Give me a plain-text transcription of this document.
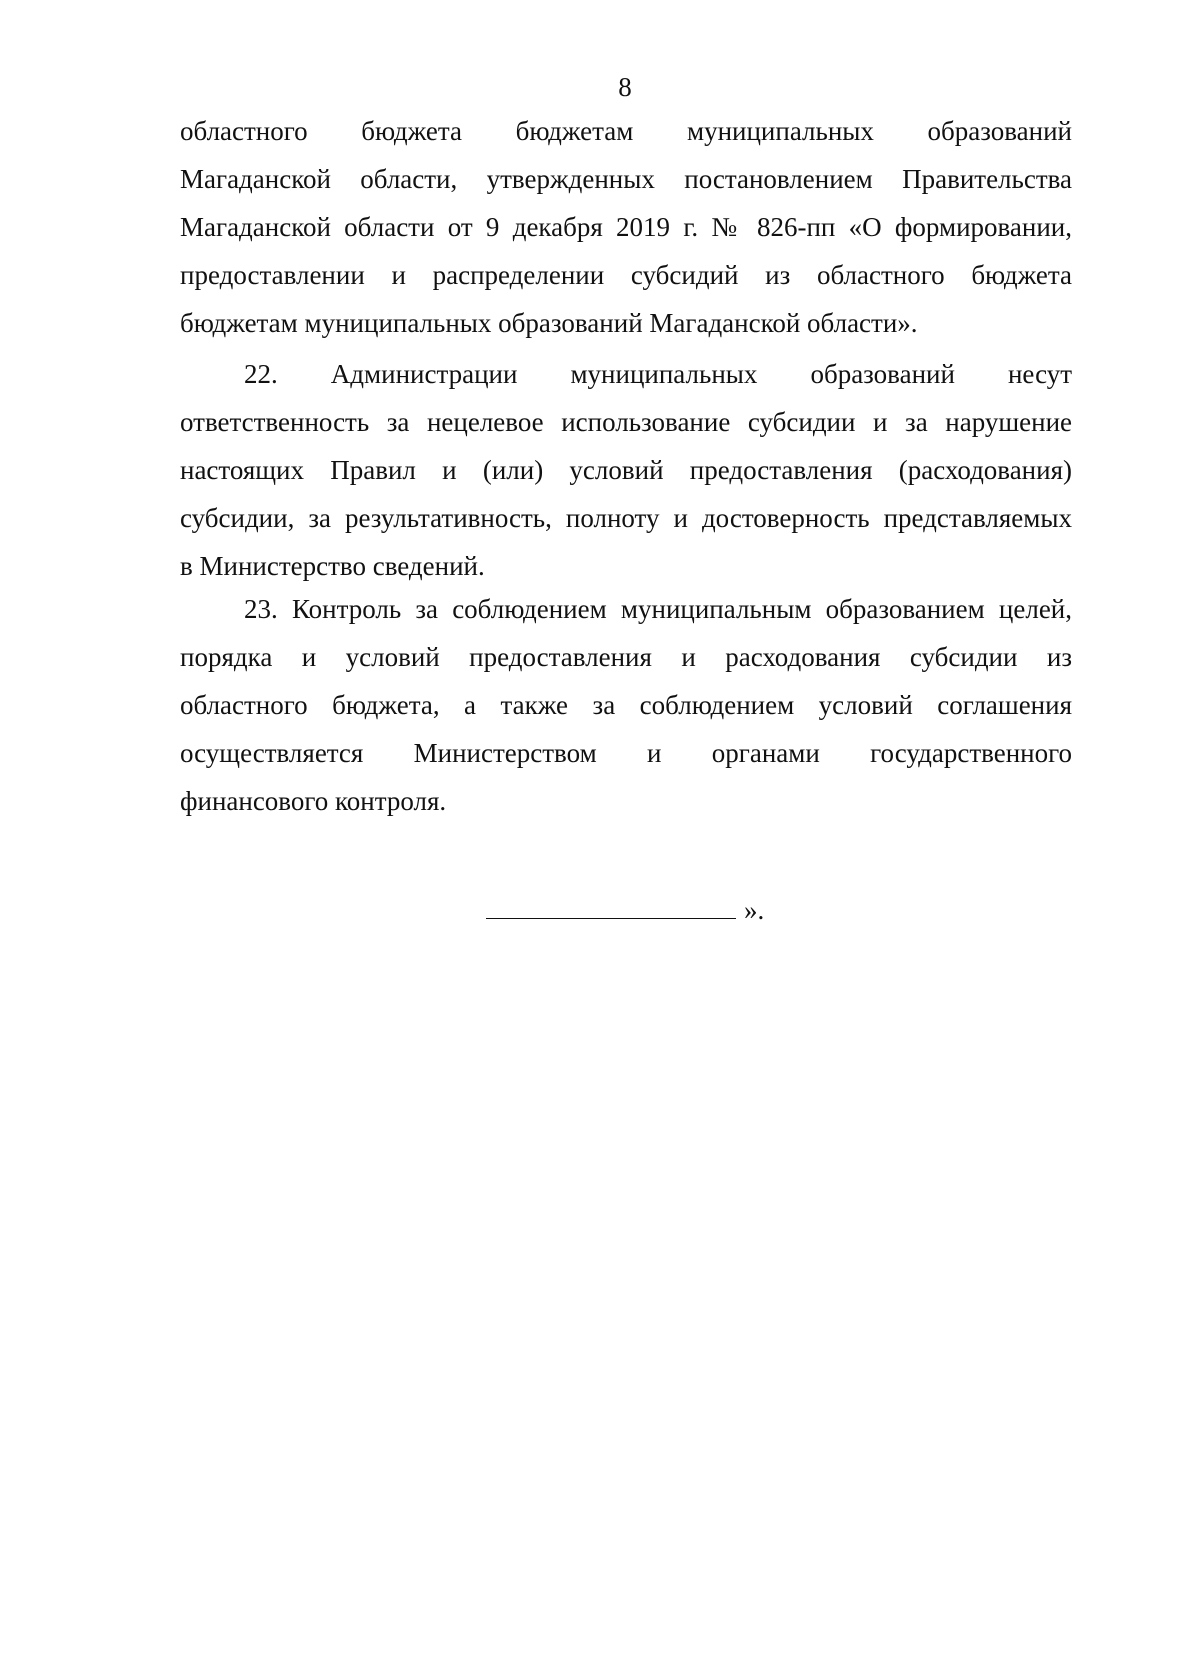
8
областного бюджета бюджетам муниципальных образований
Магаданской области, утвержденных постановлением Правительства
Магаданской области от 9 декабря 2019 г. № 826-пп «О формировании,
предоставлении и распределении субсидий из областного бюджета
бюджетам муниципальных образований Магаданской области».
22. Администрации муниципальных образований несут
ответственность за нецелевое использование субсидии и за нарушение
настоящих Правил и (или) условий предоставления (расходования)
субсидии, за результативность, полноту и достоверность представляемых
в Министерство сведений.
23. Контроль за соблюдением муниципальным образованием целей,
порядка и условий предоставления и расходования субсидии из
областного бюджета, а также за соблюдением условий соглашения
осуществляется Министерством и органами государственного
финансового контроля.
».
